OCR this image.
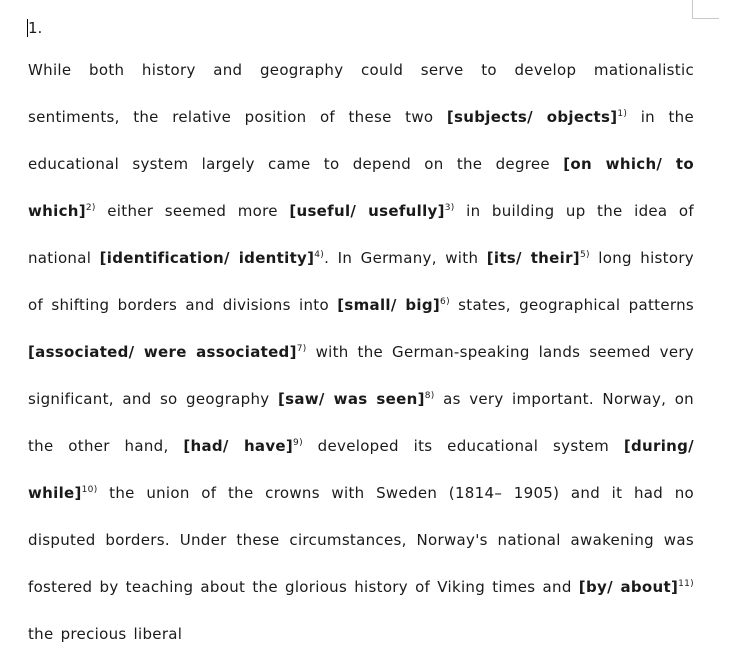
1.

While both history and geography could serve to develop mationalistic sentiments, the relative position of these two [subjects/ objects]$^{1)}$ in the educational system largely came to depend on the degree [on which/ to which]$^{2)}$ either seemed more [useful/ usefully]$^{3)}$ in building up the idea of national [identification/ identity]$^{4)}$. In Germany, with [its/ their]$^{5)}$ long history of shifting borders and divisions into [small/ big]$^{6)}$ states, geographical patterns [associated/ were associated]$^{7)}$ with the German-speaking lands seemed very significant, and so geography [saw/ was seen]$^{8)}$ as very important. Norway, on the other hand, [had/ have]$^{9)}$ developed its educational system [during/ while]$^{10)}$ the union of the crowns with Sweden (1814– 1905) and it had no disputed borders. Under these circumstances, Norway's national awakening was fostered by teaching about the glorious history of Viking times and [by/ about]$^{11)}$ the precious liberal
